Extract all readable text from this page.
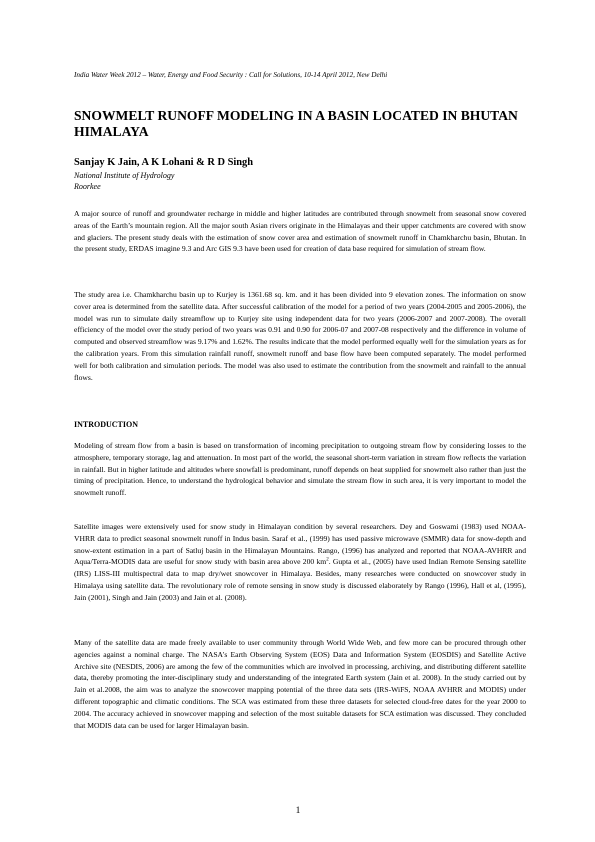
India Water Week 2012 – Water, Energy and Food Security : Call for Solutions, 10-14 April 2012, New Delhi
SNOWMELT RUNOFF MODELING IN A BASIN LOCATED IN BHUTAN HIMALAYA
Sanjay K Jain, A K Lohani & R D Singh
National Institute of Hydrology
Roorkee

A major source of runoff and groundwater recharge in middle and higher latitudes are contributed through snowmelt from seasonal snow covered areas of the Earth’s mountain region. All the major south Asian rivers originate in the Himalayas and their upper catchments are covered with snow and glaciers. The present study deals with the estimation of snow cover area and estimation of snowmelt runoff in Chamkharchu basin, Bhutan. In the present study, ERDAS imagine 9.3 and Arc GIS 9.3 have been used for creation of data base required for simulation of stream flow.

The study area i.e. Chamkharchu basin up to Kurjey is 1361.68 sq. km. and it has been divided into 9 elevation zones. The information on snow cover area is determined from the satellite data. After successful calibration of the model for a period of two years (2004-2005 and 2005-2006), the model was run to simulate daily streamflow up to Kurjey site using independent data for two years (2006-2007 and 2007-2008). The overall efficiency of the model over the study period of two years was 0.91 and 0.90 for 2006-07 and 2007-08 respectively and the difference in volume of computed and observed streamflow was 9.17% and 1.62%. The results indicate that the model performed equally well for the simulation years as for the calibration years. From this simulation rainfall runoff, snowmelt runoff and base flow have been computed separately. The model performed well for both calibration and simulation periods. The model was also used to estimate the contribution from the snowmelt and rainfall to the annual flows.

INTRODUCTION

Modeling of stream flow from a basin is based on transformation of incoming precipitation to outgoing stream flow by considering losses to the atmosphere, temporary storage, lag and attenuation. In most part of the world, the seasonal short-term variation in stream flow reflects the variation in rainfall. But in higher latitude and altitudes where snowfall is predominant, runoff depends on heat supplied for snowmelt also rather than just the timing of precipitation. Hence, to understand the hydrological behavior and simulate the stream flow in such area, it is very important to model the snowmelt runoff.

Satellite images were extensively used for snow study in Himalayan condition by several researchers. Dey and Goswami (1983) used NOAA-VHRR data to predict seasonal snowmelt runoff in Indus basin. Saraf et al., (1999) has used passive microwave (SMMR) data for snow-depth and snow-extent estimation in a part of Satluj basin in the Himalayan Mountains. Rango, (1996) has analyzed and reported that NOAA-AVHRR and Aqua/Terra-MODIS data are useful for snow study with basin area above 200 $km^2$. Gupta et al., (2005) have used Indian Remote Sensing satellite (IRS) LISS-III multispectral data to map dry/wet snowcover in Himalaya. Besides, many researches were conducted on snowcover study in Himalaya using satellite data. The revolutionary role of remote sensing in snow study is discussed elaborately by Rango (1996), Hall et al, (1995), Jain (2001), Singh and Jain (2003) and Jain et al. (2008).

Many of the satellite data are made freely available to user community through World Wide Web, and few more can be procured through other agencies against a nominal charge. The NASA's Earth Observing System (EOS) Data and Information System (EOSDIS) and Satellite Active Archive site (NESDIS, 2006) are among the few of the communities which are involved in processing, archiving, and distributing different satellite data, thereby promoting the inter-disciplinary study and understanding of the integrated Earth system (Jain et al. 2008). In the study carried out by Jain et al.2008, the aim was to analyze the snowcover mapping potential of the three data sets (IRS-WiFS, NOAA AVHRR and MODIS) under different topographic and climatic conditions. The SCA was estimated from these three datasets for selected cloud-free dates for the year 2000 to 2004. The accuracy achieved in snowcover mapping and selection of the most suitable datasets for SCA estimation was discussed. They concluded that MODIS data can be used for larger Himalayan basin.

1
